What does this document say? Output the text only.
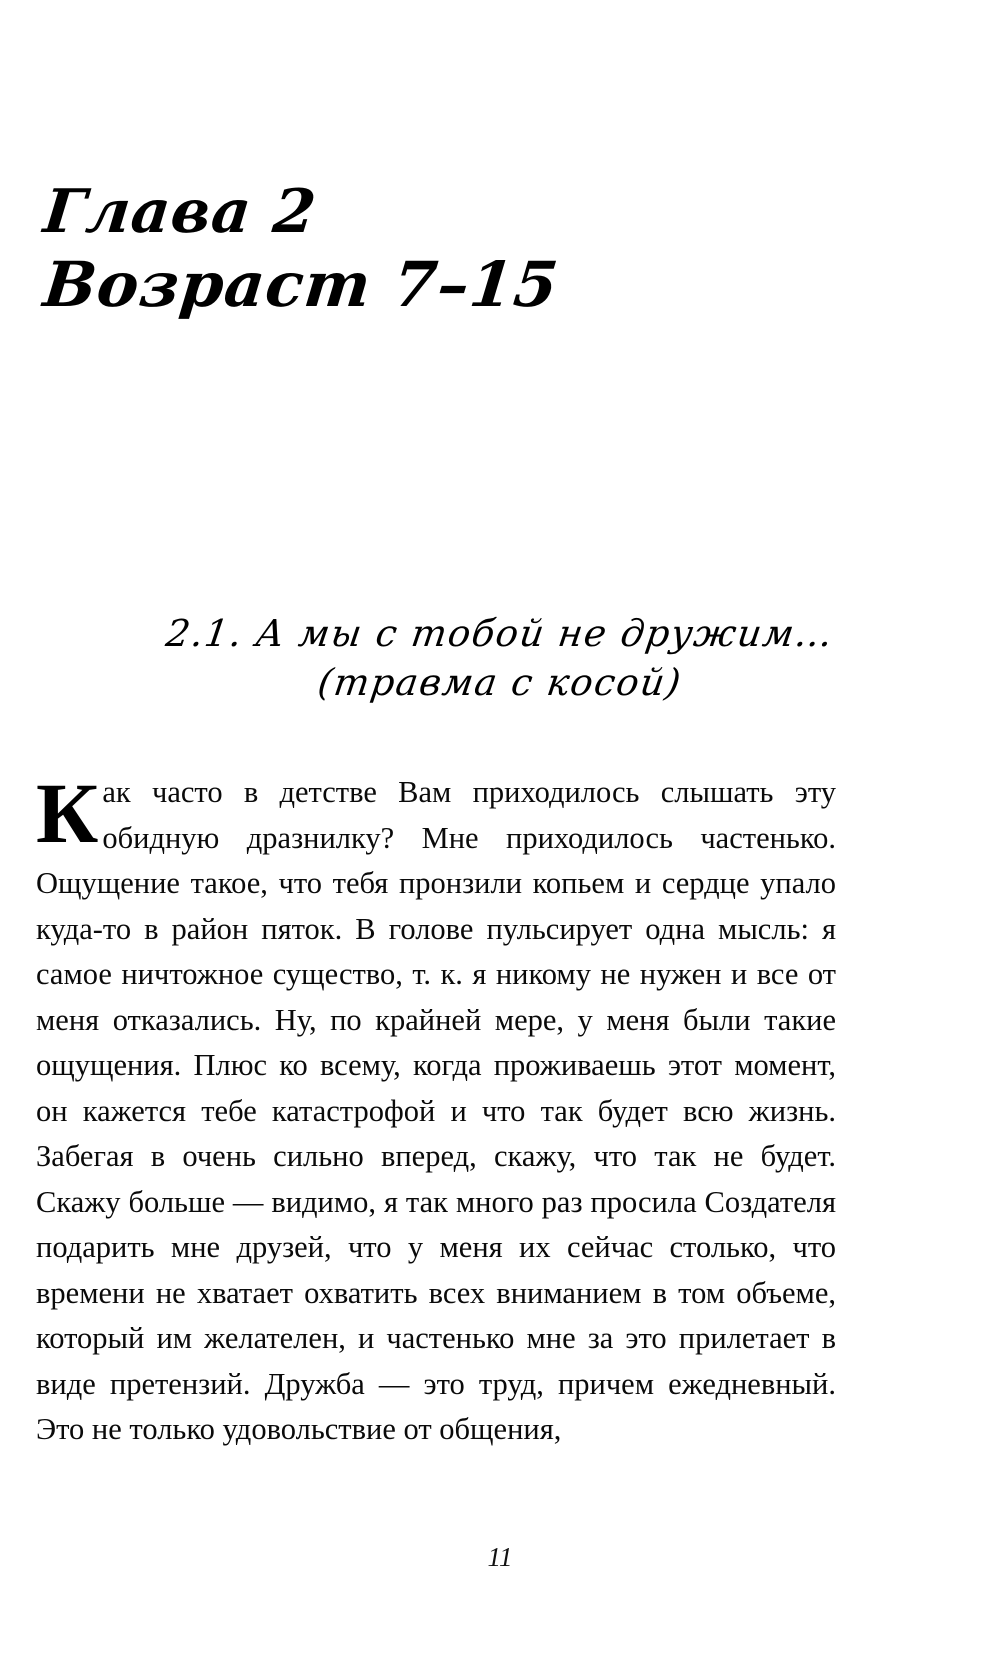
Глава 2
Возраст 7–15
2.1. А мы с тобой не дружим…
(травма с косой)

Как часто в детстве Вам приходилось слышать эту обидную дразнилку? Мне приходилось частенько. Ощущение такое, что тебя пронзили копьем и сердце упало куда-то в район пяток. В голове пульсирует одна мысль: я самое ничтожное существо, т. к. я никому не нужен и все от меня отказались. Ну, по крайней мере, у меня были такие ощущения. Плюс ко всему, когда проживаешь этот момент, он кажется тебе катастрофой и что так будет всю жизнь. Забегая в очень сильно вперед, скажу, что так не будет. Скажу больше — видимо, я так много раз просила Создателя подарить мне друзей, что у меня их сейчас столько, что времени не хватает охватить всех вниманием в том объеме, который им желателен, и частенько мне за это прилетает в виде претензий. Дружба — это труд, причем ежедневный. Это не только удовольствие от общения,

11
